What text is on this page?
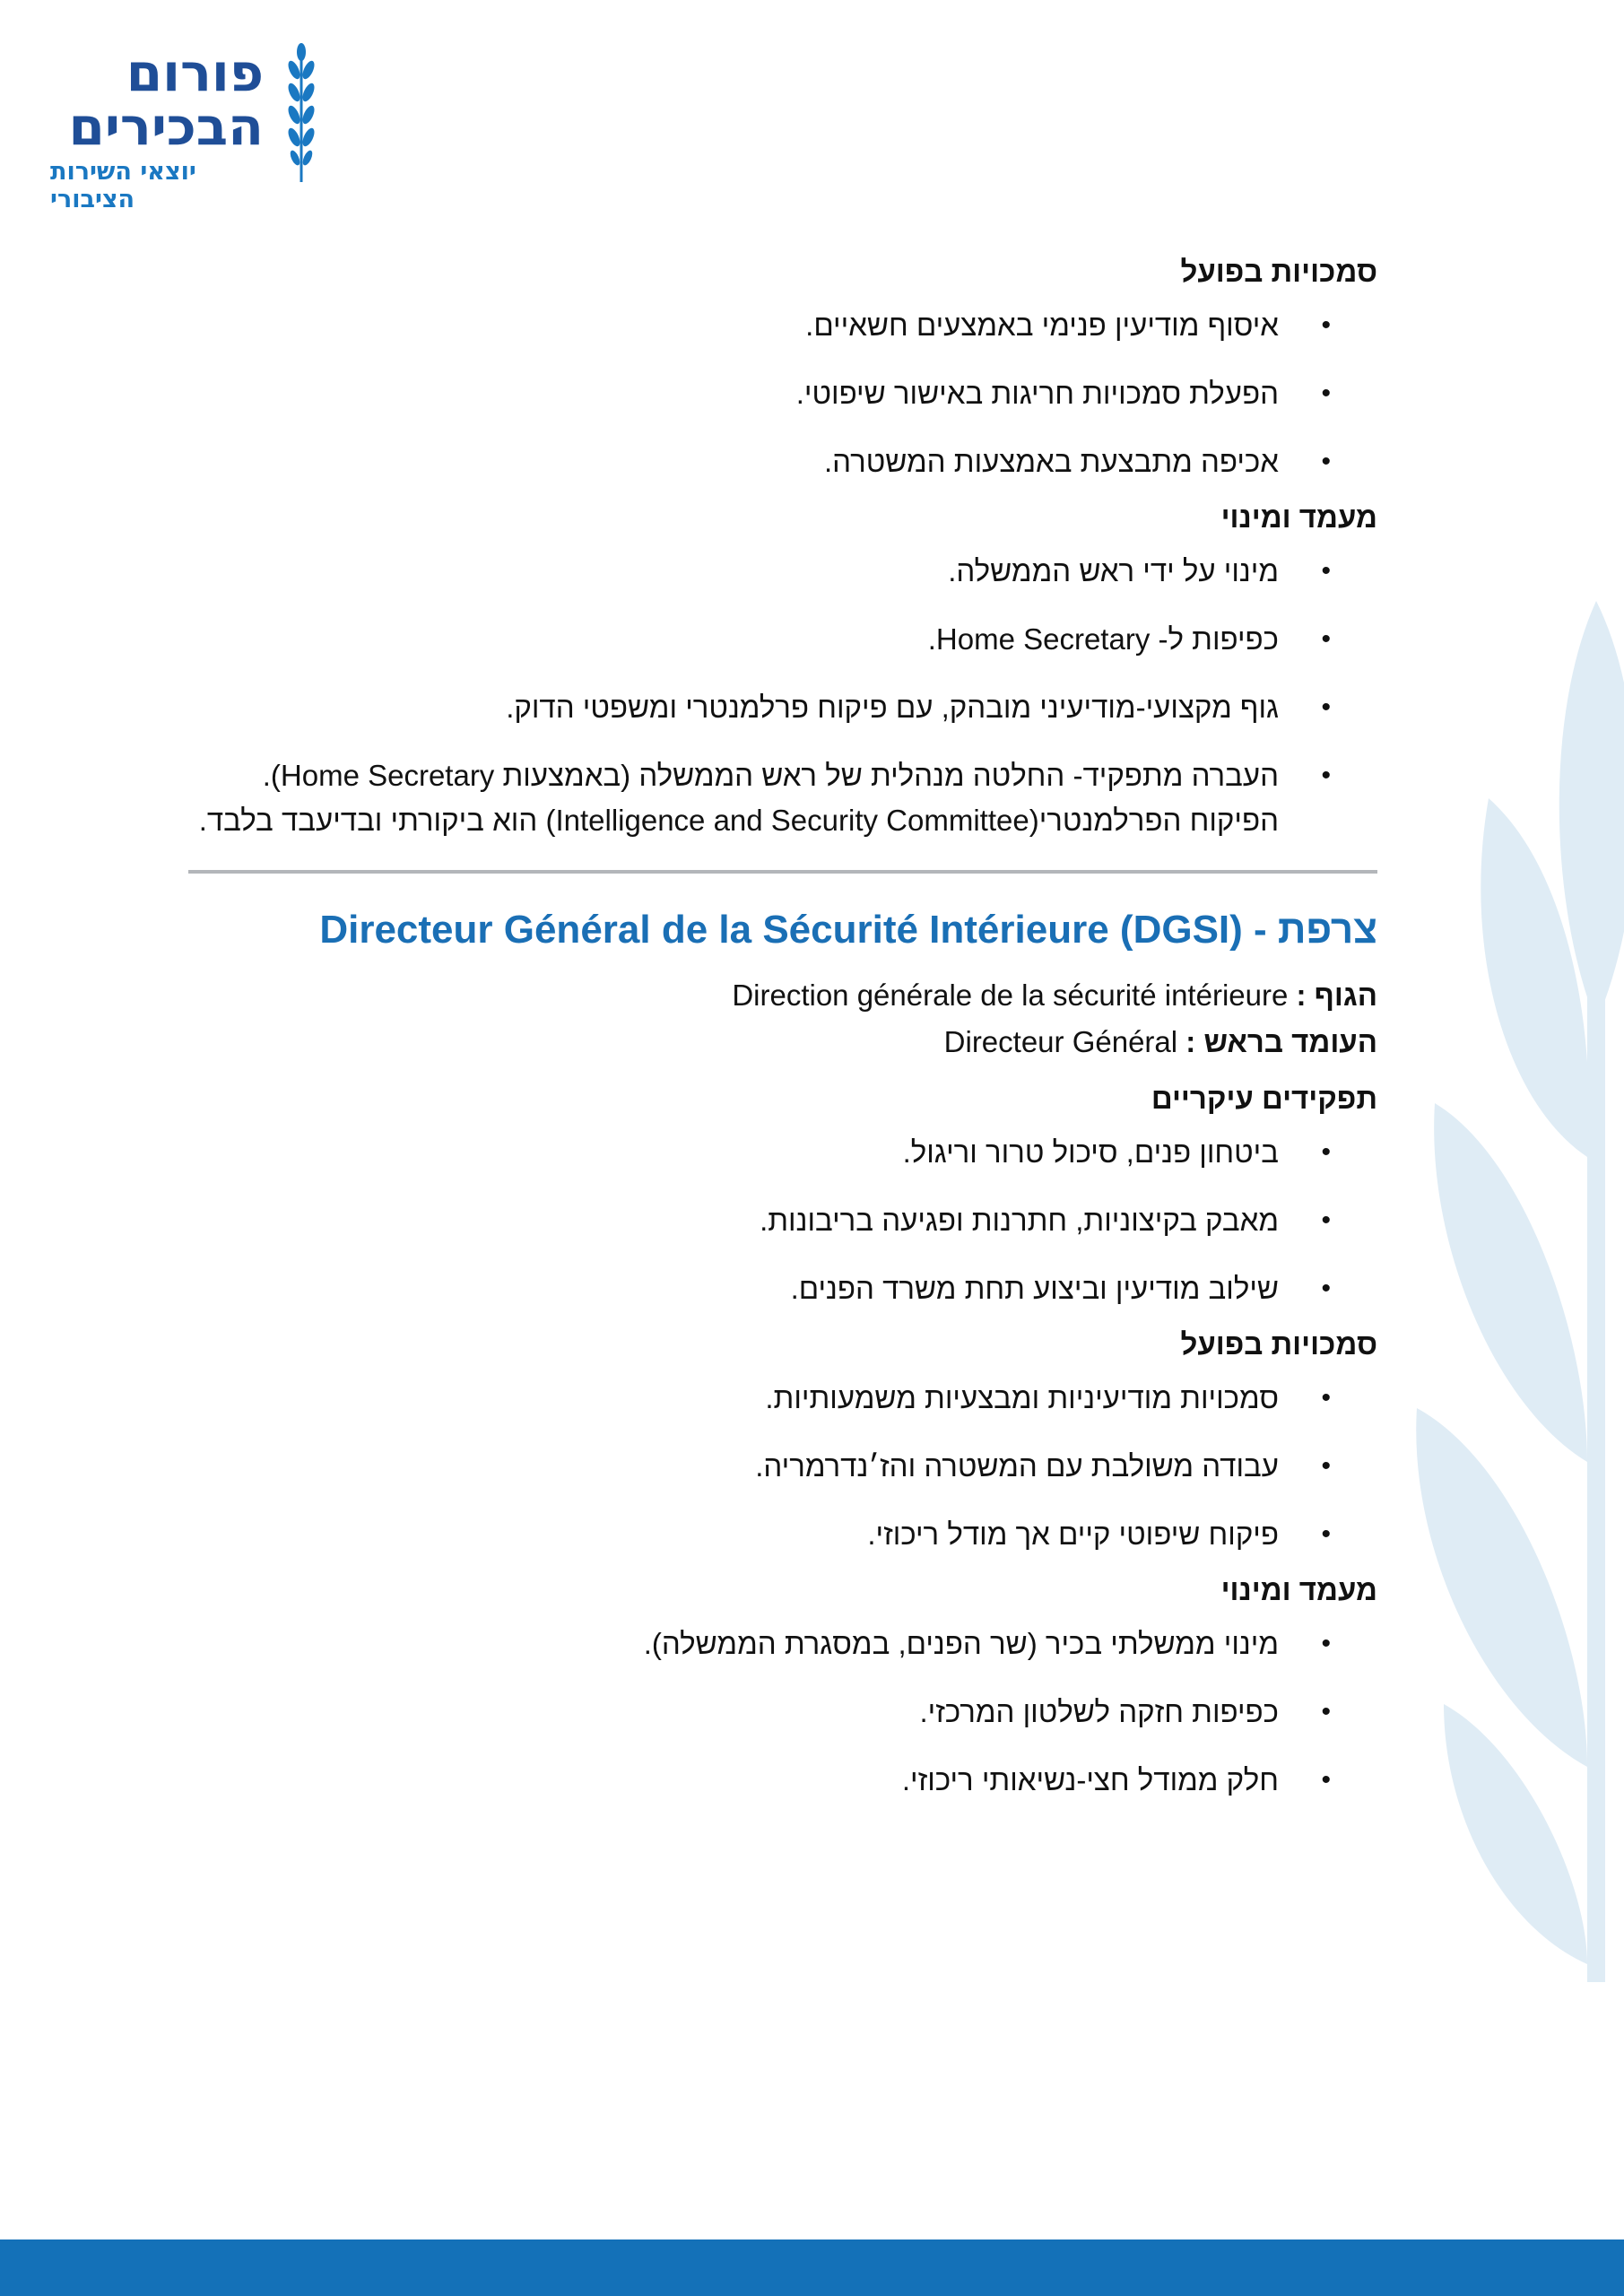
פורום
הבכירים
יוצאי השירות הציבורי

סמכויות בפועל

• איסוף מודיעין פנימי באמצעים חשאיים.
• הפעלת סמכויות חריגות באישור שיפוטי.
• אכיפה מתבצעת באמצעות המשטרה.

מעמד ומינוי

• מינוי על ידי ראש הממשלה.
• כפיפות ל- Home Secretary.
• גוף מקצועי-מודיעיני מובהק, עם פיקוח פרלמנטרי ומשפטי הדוק.
• העברה מתפקיד- החלטה מנהלית של ראש הממשלה (באמצעות Home Secretary). הפיקוח הפרלמנטרי(Intelligence and Security Committee) הוא ביקורתי ובדיעבד בלבד.
צרפת - Directeur Général de la Sécurité Intérieure (DGSI)

הגוף : Direction générale de la sécurité intérieure

העומד בראש : Directeur Général

תפקידים עיקריים

• ביטחון פנים, סיכול טרור וריגול.
• מאבק בקיצוניות, חתרנות ופגיעה בריבונות.
• שילוב מודיעין וביצוע תחת משרד הפנים.

סמכויות בפועל

• סמכויות מודיעיניות ומבצעיות משמעותיות.
• עבודה משולבת עם המשטרה והז׳נדרמריה.
• פיקוח שיפוטי קיים אך מודל ריכוזי.

מעמד ומינוי

• מינוי ממשלתי בכיר (שר הפנים, במסגרת הממשלה).
• כפיפות חזקה לשלטון המרכזי.
• חלק ממודל חצי-נשיאותי ריכוזי.
